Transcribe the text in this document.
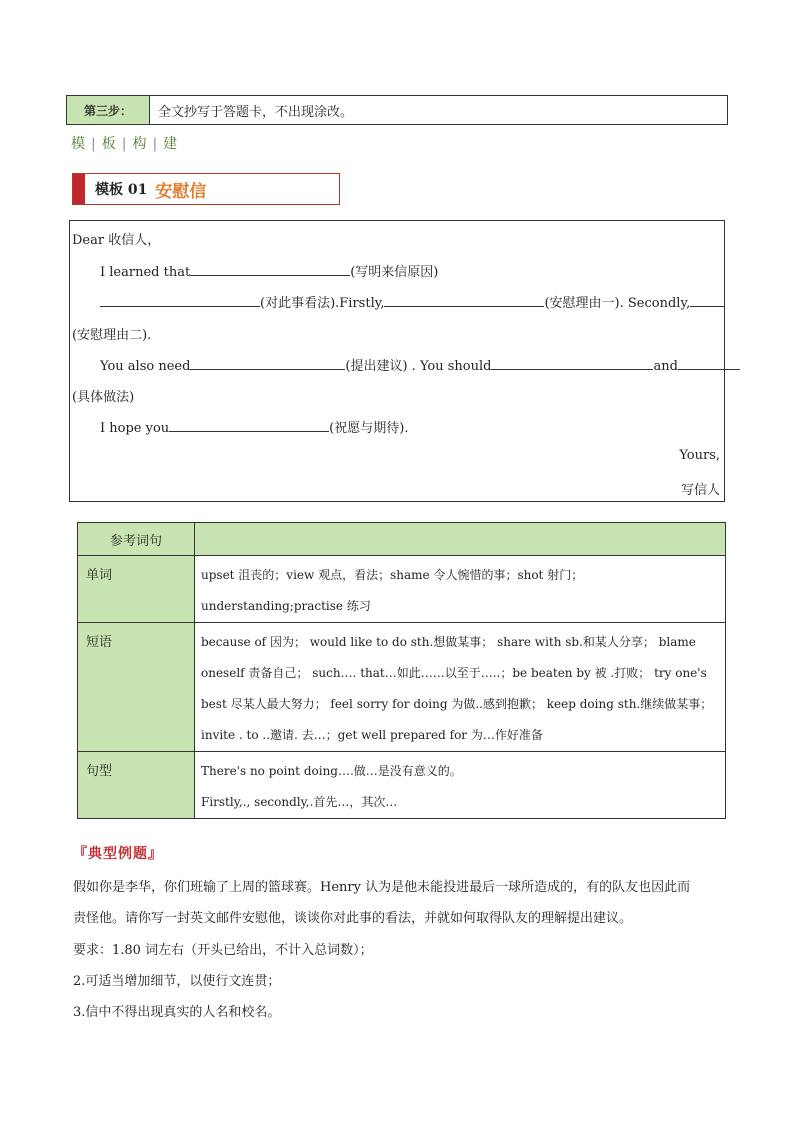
第三步：	全文抄写于答题卡，不出现涂改。
模 | 板 | 构 | 建
模板 01 安慰信
Dear 收信人，
I learned that	(写明来信原因)
(对此事看法).Firstly,	(安慰理由一). Secondly,
(安慰理由二).
You also need	(提出建议) . You should	and
(具体做法)
I hope you	(祝愿与期待).
Yours,
写信人
参考词句	
单词	upset 沮丧的；view 观点，看法；shame 令人惋惜的事；shot 射门；
understanding;practise 练习

短语	because of 因为； would like to do sth.想做某事； share with sb.和某人分享； blame
oneself 责备自己； such…. that…如此……以至于…..；be beaten by 被 .打败； try one's
best 尽某人最大努力； feel sorry for doing 为做..感到抱歉； keep doing sth.继续做某事；
invite . to ..邀请. 去…；get well prepared for 为…作好准备

句型	There's no point doing….做…是没有意义的。
Firstly,., secondly,.首先…，其次…
『典型例题』
假如你是李华，你们班输了上周的篮球赛。Henry 认为是他未能投进最后一球所造成的，有的队友也因此而
责怪他。请你写一封英文邮件安慰他，谈谈你对此事的看法，并就如何取得队友的理解提出建议。
要求：1.80 词左右（开头已给出，不计入总词数）；
2.可适当增加细节，以使行文连贯；
3.信中不得出现真实的人名和校名。
